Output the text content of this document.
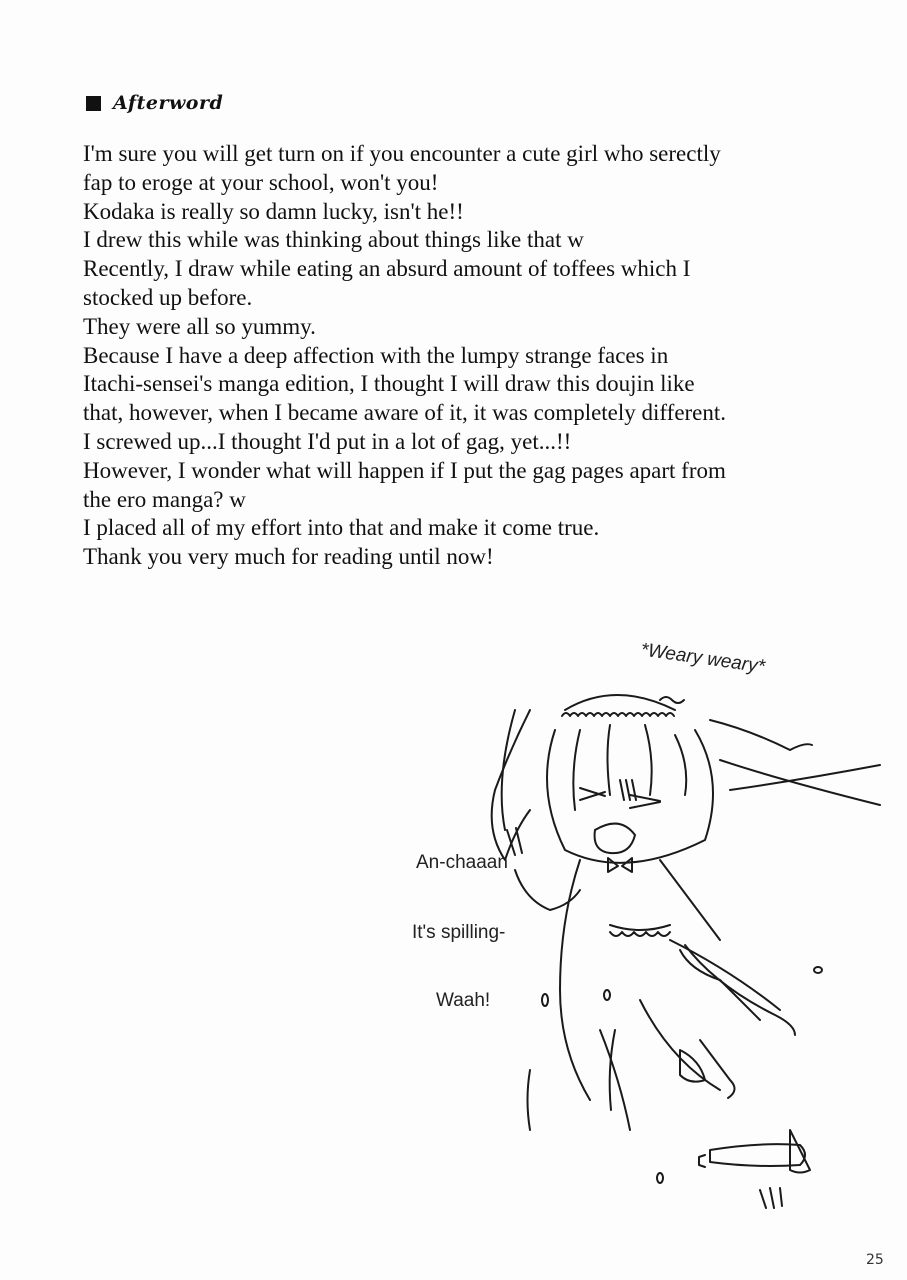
Afterword
I'm sure you will get turn on if you encounter a cute girl who serectly
fap to eroge at your school, won't you!
Kodaka is really so damn lucky, isn't he!!
I drew this while was thinking about things like that w
Recently, I draw while eating an absurd amount of toffees which I
stocked up before.
They were all so yummy.
Because I have a deep affection with the lumpy strange faces in
Itachi-sensei's manga edition, I thought I will draw this doujin like
that, however, when I became aware of it, it was completely different.
I screwed up...I thought I'd put in a lot of gag, yet...!!
However, I wonder what will happen if I put the gag pages apart from
the ero manga? w
I placed all of my effort into that and make it come true.
Thank you very much for reading until now!
*Weary weary*
An-chaaan
It's spilling-
Waah!
25
